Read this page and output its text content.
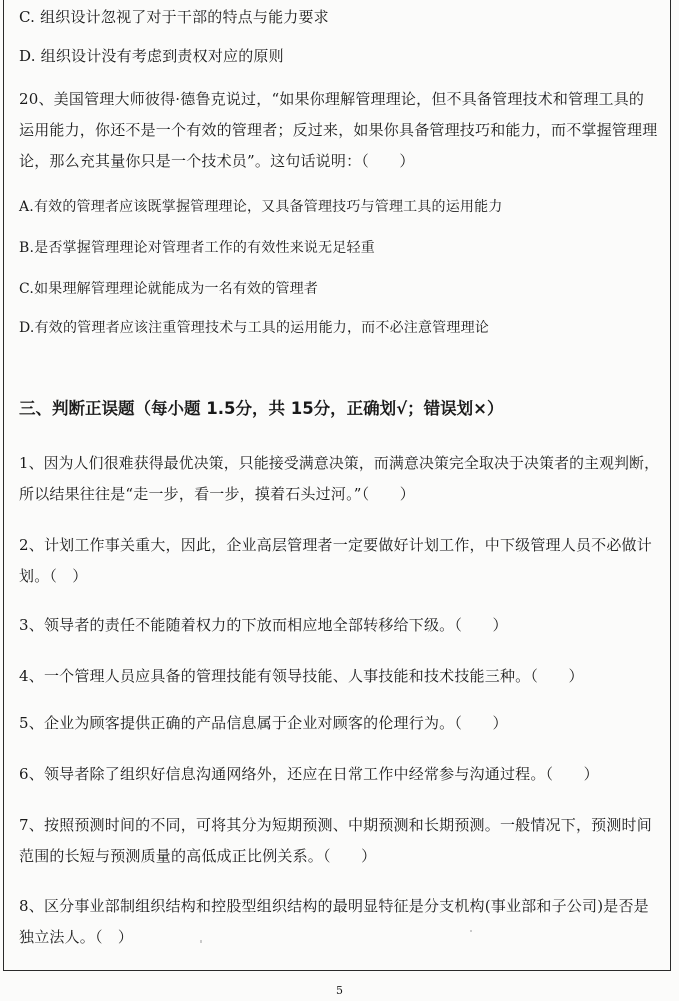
C. 组织设计忽视了对于干部的特点与能力要求
D. 组织设计没有考虑到责权对应的原则
20、美国管理大师彼得·德鲁克说过，“如果你理解管理理论，但不具备管理技术和管理工具的
运用能力，你还不是一个有效的管理者；反过来，如果你具备管理技巧和能力，而不掌握管理理
论，那么充其量你只是一个技术员”。这句话说明：（　　）
A.有效的管理者应该既掌握管理理论，又具备管理技巧与管理工具的运用能力
B.是否掌握管理理论对管理者工作的有效性来说无足轻重
C.如果理解管理理论就能成为一名有效的管理者
D.有效的管理者应该注重管理技术与工具的运用能力，而不必注意管理理论
三、判断正误题（每小题 1.5分，共 15分，正确划√；错误划×）
1、因为人们很难获得最优决策，只能接受满意决策，而满意决策完全取决于决策者的主观判断，
所以结果往往是“走一步，看一步，摸着石头过河。”（　　）
2、计划工作事关重大，因此，企业高层管理者一定要做好计划工作，中下级管理人员不必做计
划。（　）
3、领导者的责任不能随着权力的下放而相应地全部转移给下级。（　　）
4、一个管理人员应具备的管理技能有领导技能、人事技能和技术技能三种。（　　）
5、企业为顾客提供正确的产品信息属于企业对顾客的伦理行为。（　　）
6、领导者除了组织好信息沟通网络外，还应在日常工作中经常参与沟通过程。（　　）
7、按照预测时间的不同，可将其分为短期预测、中期预测和长期预测。一般情况下，预测时间
范围的长短与预测质量的高低成正比例关系。（　　）
8、区分事业部制组织结构和控股型组织结构的最明显特征是分支机构(事业部和子公司)是否是
独立法人。（　）
5
